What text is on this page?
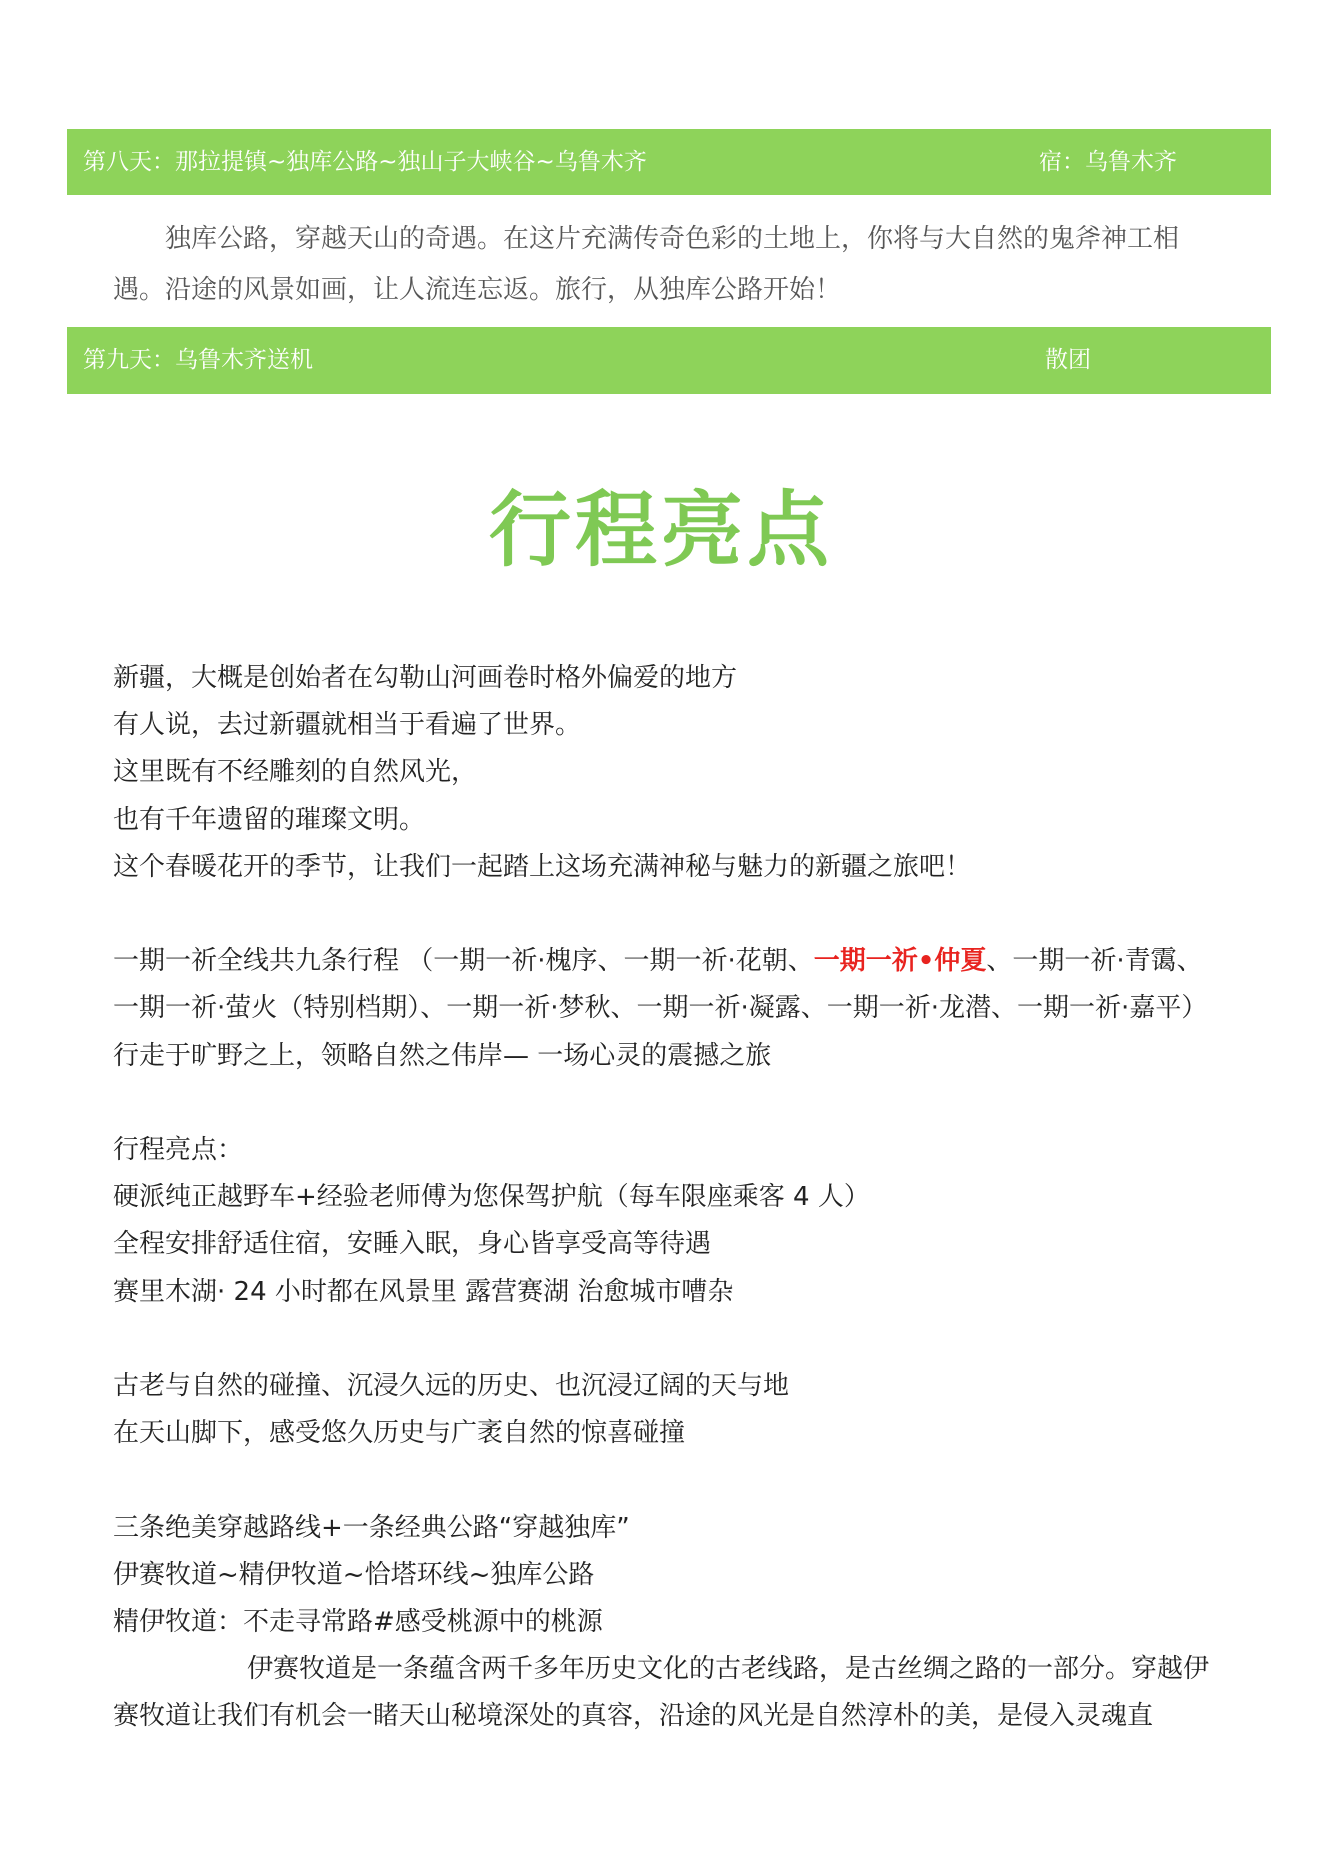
第八天：那拉提镇~独库公路~独山子大峡谷~乌鲁木齐	宿：乌鲁木齐

独库公路，穿越天山的奇遇。在这片充满传奇色彩的土地上，你将与大自然的鬼斧神工相遇。沿途的风景如画，让人流连忘返。旅行，从独库公路开始！

第九天：乌鲁木齐送机	散团
行程亮点
新疆，大概是创始者在勾勒山河画卷时格外偏爱的地方
有人说，去过新疆就相当于看遍了世界。
这里既有不经雕刻的自然风光，
也有千年遗留的璀璨文明。
这个春暖花开的季节，让我们一起踏上这场充满神秘与魅力的新疆之旅吧！
一期一祈全线共九条行程 （一期一祈·槐序、一期一祈·花朝、一期一祈•仲夏、一期一祈·青霭、
一期一祈·萤火（特别档期）、一期一祈·梦秋、一期一祈·凝露、一期一祈·龙潜、一期一祈·嘉平）
行走于旷野之上，领略自然之伟岸— 一场心灵的震撼之旅
行程亮点：
硬派纯正越野车+经验老师傅为您保驾护航（每车限座乘客 4 人）
全程安排舒适住宿，安睡入眠，身心皆享受高等待遇
赛里木湖· 24 小时都在风景里 露营赛湖 治愈城市嘈杂
古老与自然的碰撞、沉浸久远的历史、也沉浸辽阔的天与地
在天山脚下，感受悠久历史与广袤自然的惊喜碰撞
三条绝美穿越路线+一条经典公路“穿越独库”
伊赛牧道~精伊牧道~恰塔环线~独库公路
精伊牧道：不走寻常路#感受桃源中的桃源
伊赛牧道是一条蕴含两千多年历史文化的古老线路，是古丝绸之路的一部分。穿越伊赛牧道让我们有机会一睹天山秘境深处的真容，沿途的风光是自然淳朴的美，是侵入灵魂直
